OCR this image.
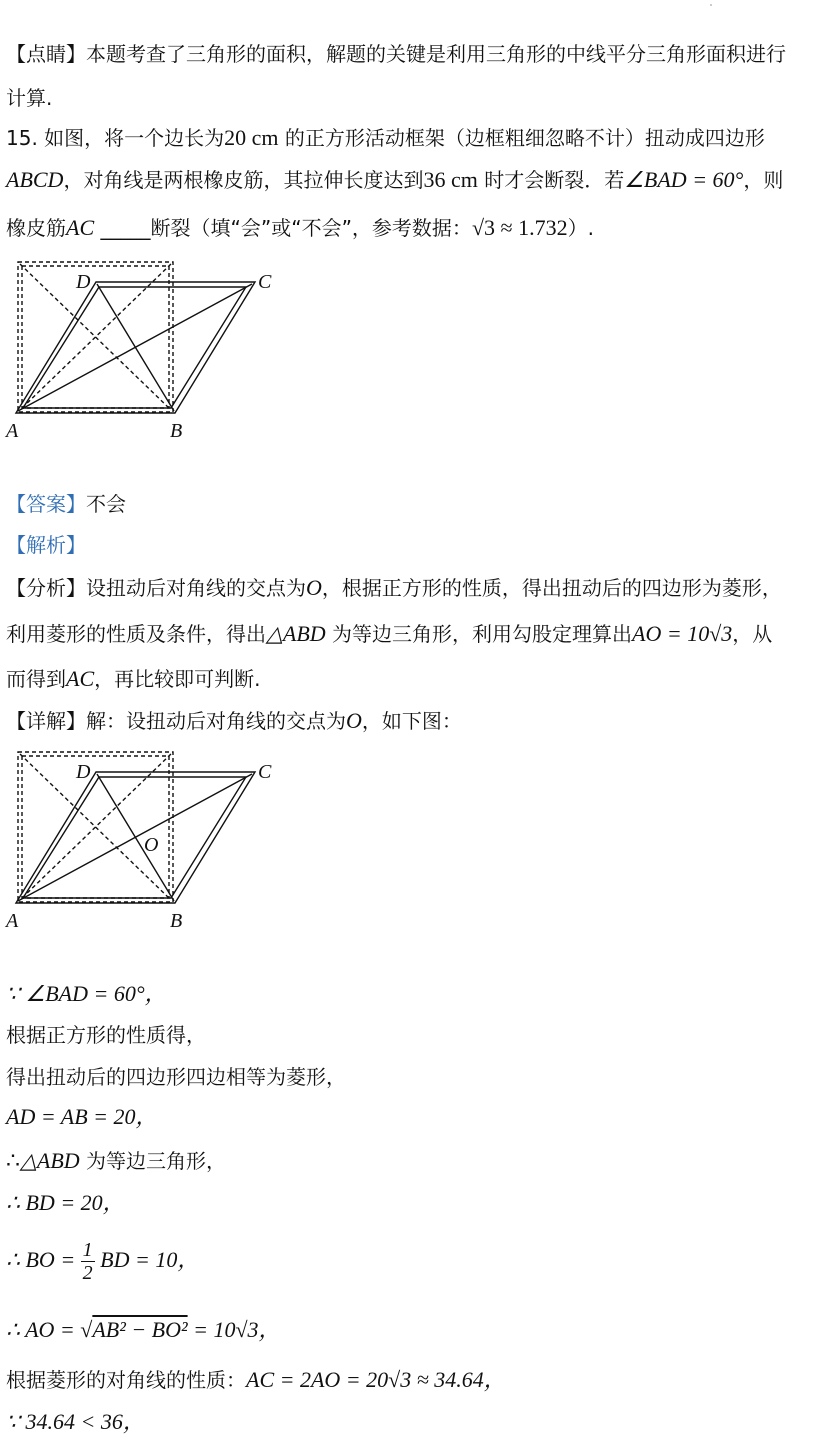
【点睛】本题考查了三角形的面积，解题的关键是利用三角形的中线平分三角形面积进行
计算.
15. 如图，将一个边长为20 cm 的正方形活动框架（边框粗细忽略不计）扭动成四边形
ABCD，对角线是两根橡皮筋，其拉伸长度达到36 cm 时才会断裂．若∠BAD = 60°，则
橡皮筋AC _____断裂（填“会”或“不会”，参考数据：√3 ≈ 1.732）.
D	C
A	B
【答案】不会
【解析】
【分析】设扭动后对角线的交点为O，根据正方形的性质，得出扭动后的四边形为菱形，
利用菱形的性质及条件，得出△ABD 为等边三角形，利用勾股定理算出AO = 10√3，从
而得到AC，再比较即可判断.
【详解】解：设扭动后对角线的交点为O，如下图：
D	C
O
A	B
∵ ∠BAD = 60°，
根据正方形的性质得，
得出扭动后的四边形四边相等为菱形，
AD = AB = 20，
∴△ABD 为等边三角形，
∴ BD = 20，
∴ BO = $\frac{1}{2}$ BD = 10，
∴ AO = √AB² − BO² = 10√3，
根据菱形的对角线的性质：AC = 2AO = 20√3 ≈ 34.64，
∵ 34.64 < 36，
